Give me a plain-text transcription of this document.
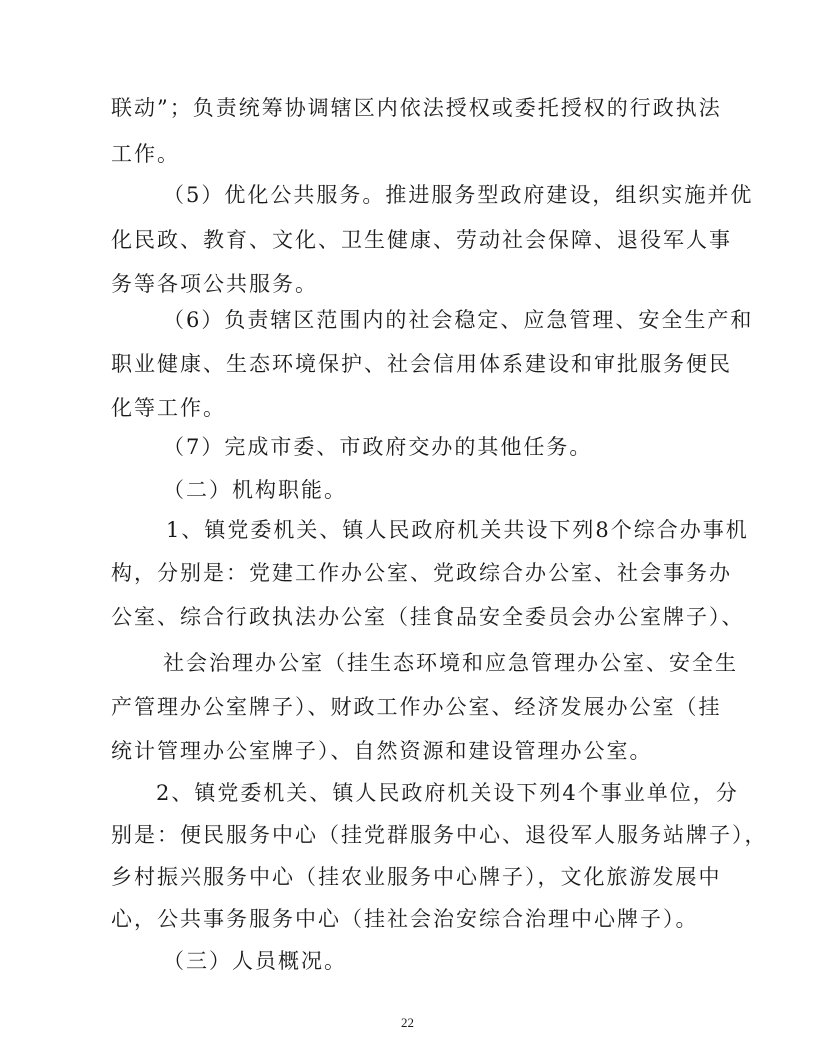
联动”；负责统筹协调辖区内依法授权或委托授权的行政执法
工作。
（5）优化公共服务。推进服务型政府建设，组织实施并优
化民政、教育、文化、卫生健康、劳动社会保障、退役军人事
务等各项公共服务。
（6）负责辖区范围内的社会稳定、应急管理、安全生产和
职业健康、生态环境保护、社会信用体系建设和审批服务便民
化等工作。
（7）完成市委、市政府交办的其他任务。
（二）机构职能。
1、镇党委机关、镇人民政府机关共设下列8个综合办事机
构，分别是：党建工作办公室、党政综合办公室、社会事务办
公室、综合行政执法办公室（挂食品安全委员会办公室牌子）、
社会治理办公室（挂生态环境和应急管理办公室、安全生
产管理办公室牌子）、财政工作办公室、经济发展办公室（挂
统计管理办公室牌子）、自然资源和建设管理办公室。
2、镇党委机关、镇人民政府机关设下列4个事业单位，分
别是：便民服务中心（挂党群服务中心、退役军人服务站牌子），
乡村振兴服务中心（挂农业服务中心牌子），文化旅游发展中
心，公共事务服务中心（挂社会治安综合治理中心牌子）。
（三）人员概况。
22
